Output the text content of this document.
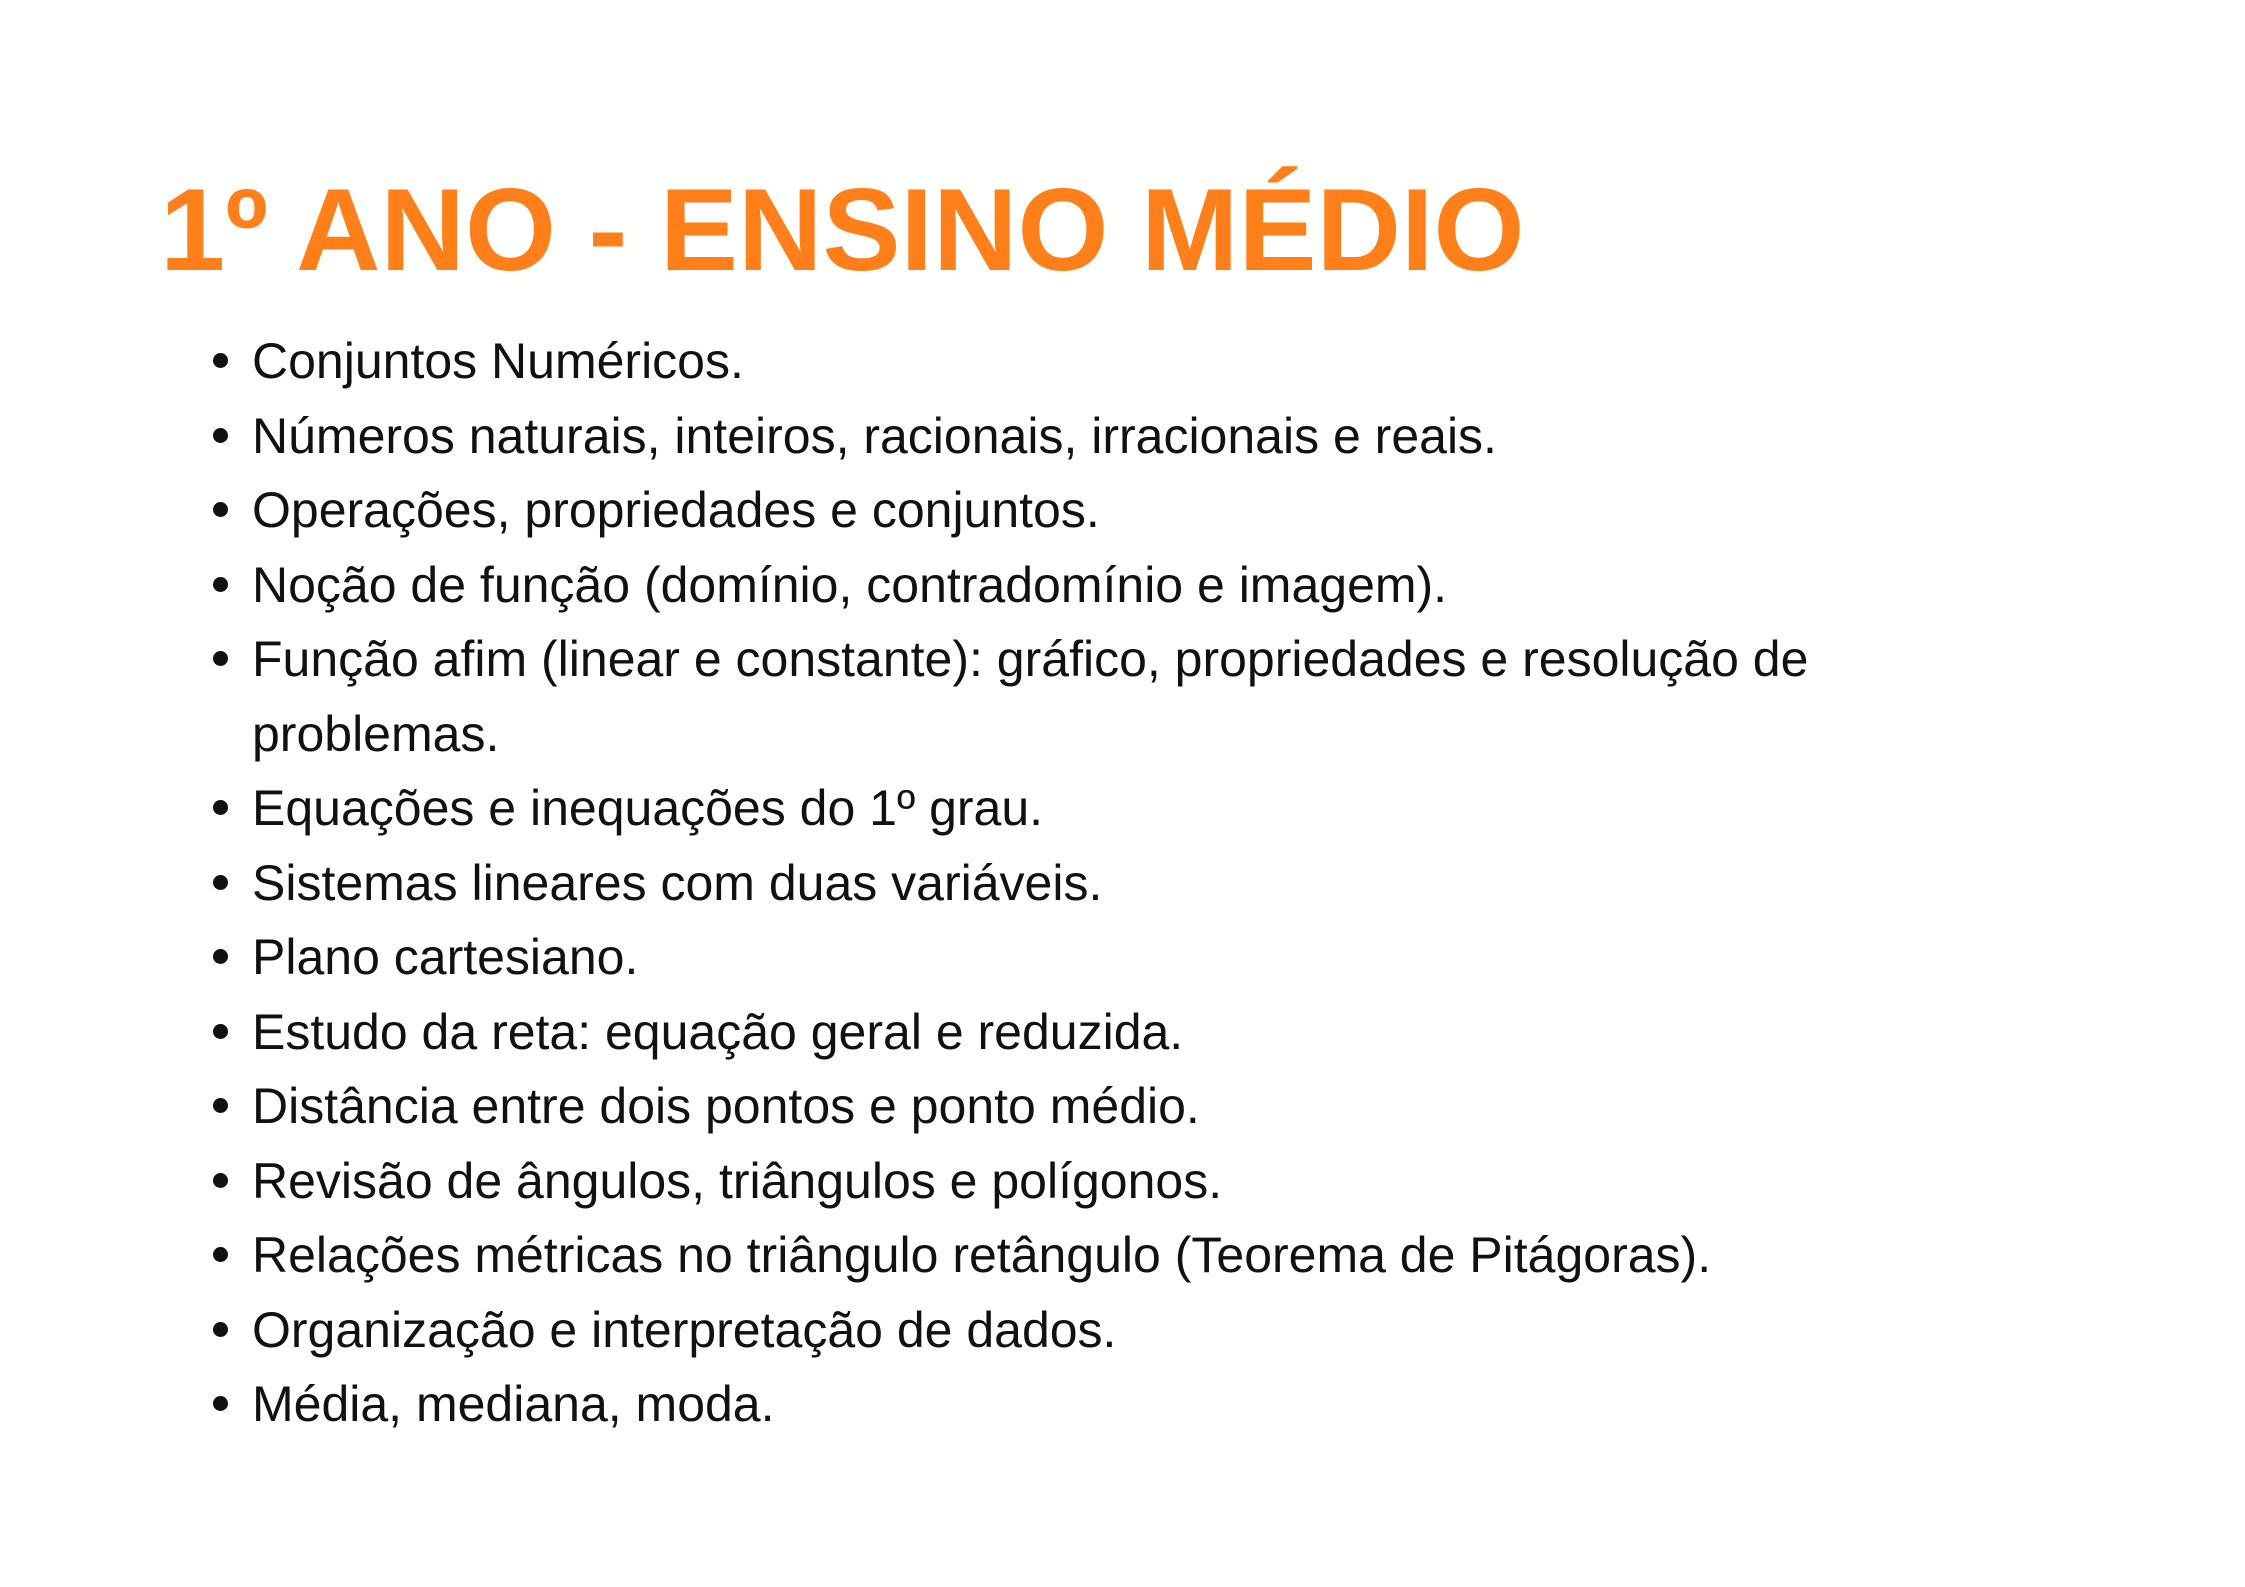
1º ANO - ENSINO MÉDIO
Conjuntos Numéricos.
Números naturais, inteiros, racionais, irracionais e reais.
Operações, propriedades e conjuntos.
Noção de função (domínio, contradomínio e imagem).
Função afim (linear e constante): gráfico, propriedades e resolução de problemas.
Equações e inequações do 1º grau.
Sistemas lineares com duas variáveis.
Plano cartesiano.
Estudo da reta: equação geral e reduzida.
Distância entre dois pontos e ponto médio.
Revisão de ângulos, triângulos e polígonos.
Relações métricas no triângulo retângulo (Teorema de Pitágoras).
Organização e interpretação de dados.
Média, mediana, moda.
